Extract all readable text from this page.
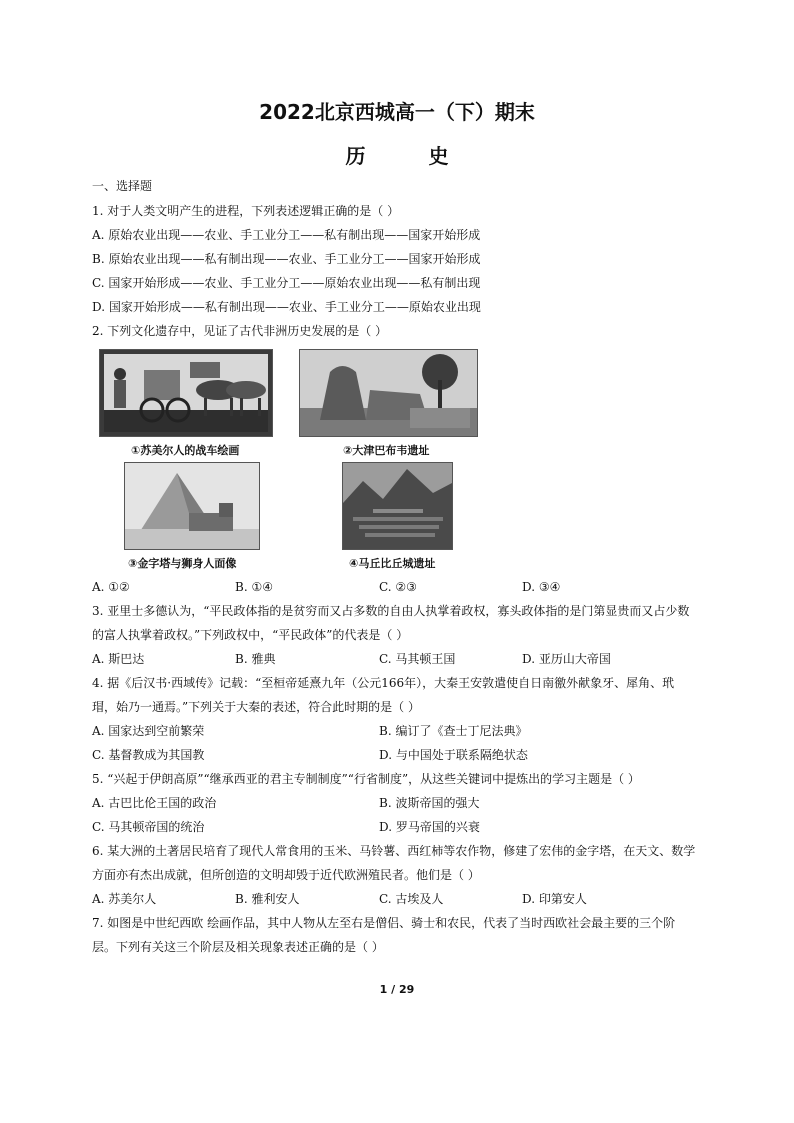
2022北京西城高一（下）期末
历 史
一、选择题
1. 对于人类文明产生的进程，下列表述逻辑正确的是（ ）
A. 原始农业出现——农业、手工业分工——私有制出现——国家开始形成
B. 原始农业出现——私有制出现——农业、手工业分工——国家开始形成
C. 国家开始形成——农业、手工业分工——原始农业出现——私有制出现
D. 国家开始形成——私有制出现——农业、手工业分工——原始农业出现
2. 下列文化遗存中，见证了古代非洲历史发展的是（ ）
①苏美尔人的战车绘画	②大津巴布韦遗址
③金字塔与狮身人面像	④马丘比丘城遗址
A. ①②	B. ①④	C. ②③	D. ③④
3. 亚里士多德认为，“平民政体指的是贫穷而又占多数的自由人执掌着政权，寡头政体指的是门第显贵而又占少数
的富人执掌着政权。”下列政权中，“平民政体”的代表是（ ）
A. 斯巴达	B. 雅典	C. 马其顿王国	D. 亚历山大帝国
4. 据《后汉书·西域传》记载：“至桓帝延熹九年（公元166年），大秦王安敦遣使自日南徼外献象牙、犀角、玳
瑁，始乃一通焉。”下列关于大秦的表述，符合此时期的是（ ）
A. 国家达到空前繁荣	B. 编订了《查士丁尼法典》
C. 基督教成为其国教	D. 与中国处于联系隔绝状态
5. “兴起于伊朗高原”“继承西亚的君主专制制度”“行省制度”，从这些关键词中提炼出的学习主题是（ ）
A. 古巴比伦王国的政治	B. 波斯帝国的强大
C. 马其顿帝国的统治	D. 罗马帝国的兴衰
6. 某大洲的土著居民培育了现代人常食用的玉米、马铃薯、西红柿等农作物，修建了宏伟的金字塔，在天文、数学
方面亦有杰出成就，但所创造的文明却毁于近代欧洲殖民者。他们是（ ）
A. 苏美尔人	B. 雅利安人	C. 古埃及人	D. 印第安人
7. 如图是中世纪西欧 绘画作品，其中人物从左至右是僧侣、骑士和农民，代表了当时西欧社会最主要的三个阶
层。下列有关这三个阶层及相关现象表述正确的是（ ）
1 / 29
